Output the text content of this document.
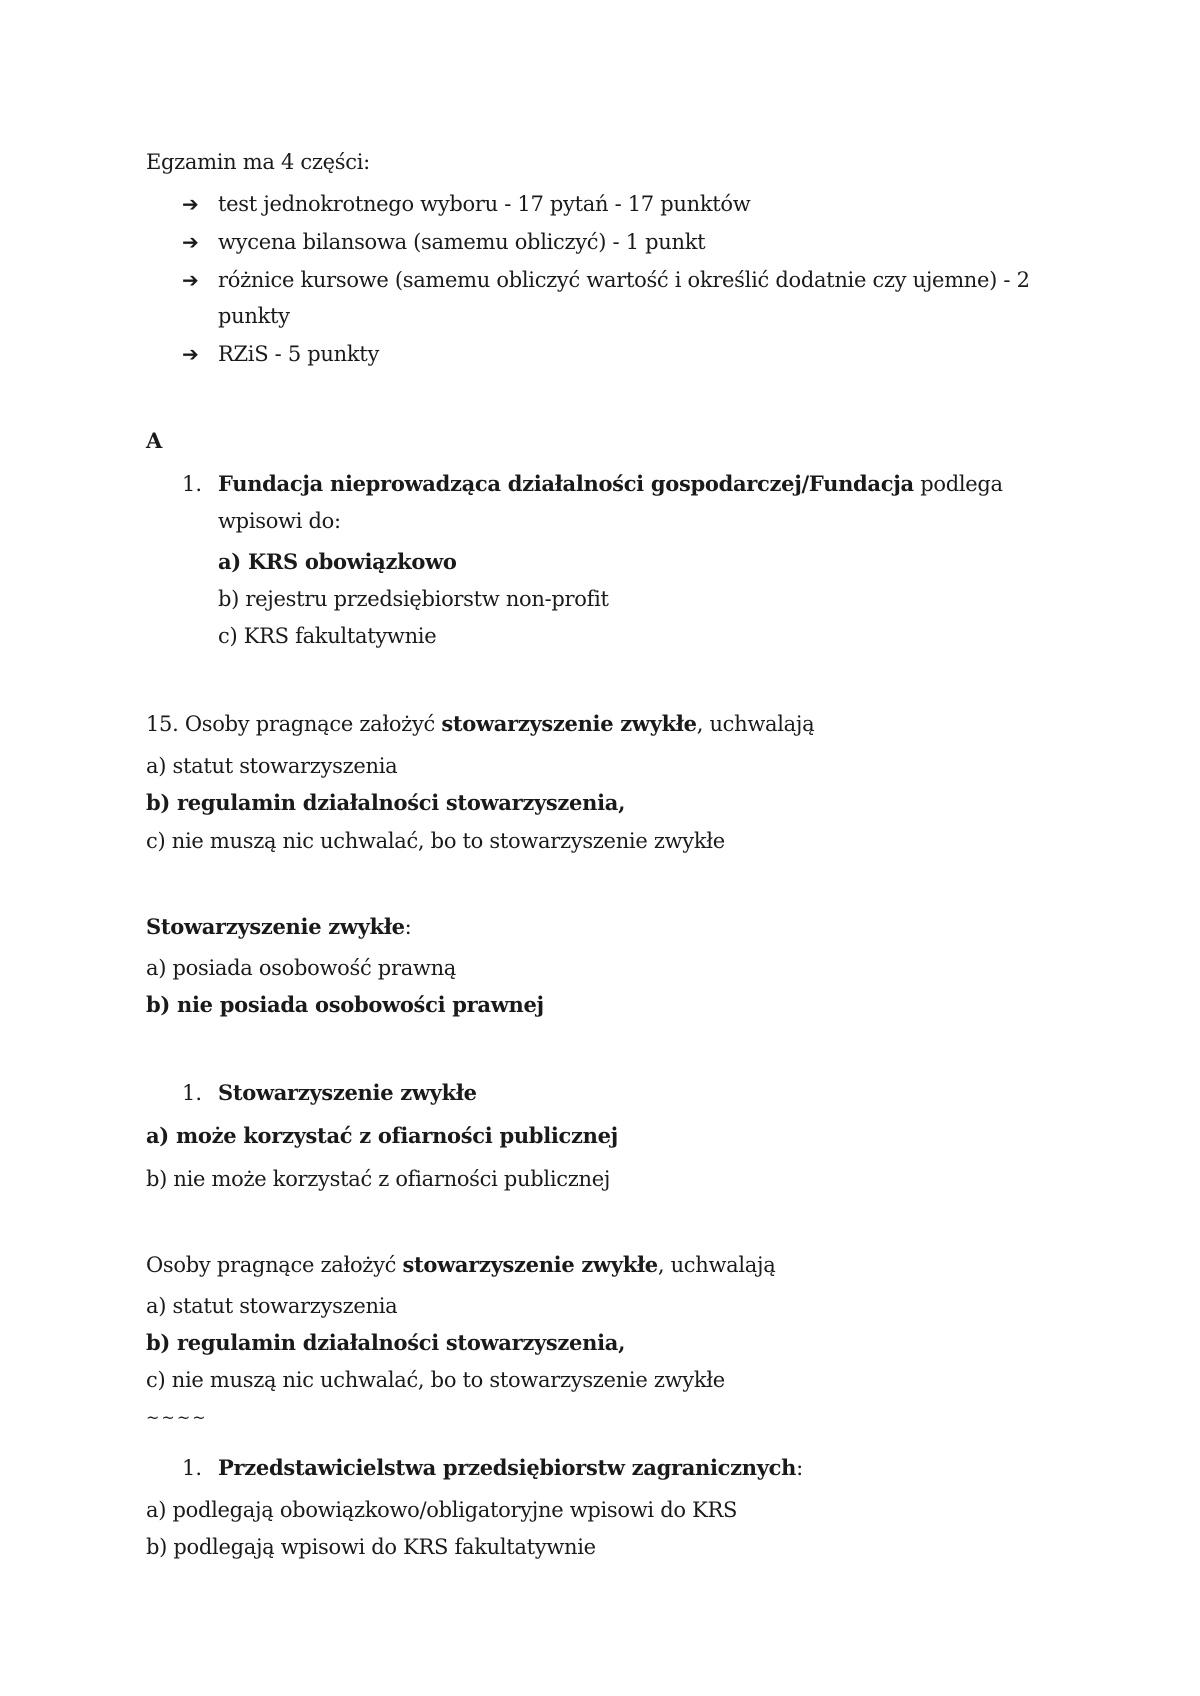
Egzamin ma 4 części:
➔ test jednokrotnego wyboru - 17 pytań - 17 punktów
➔ wycena bilansowa (samemu obliczyć) - 1 punkt
➔ różnice kursowe (samemu obliczyć wartość i określić dodatnie czy ujemne) - 2
punkty
➔ RZiS - 5 punkty
A
1. Fundacja nieprowadząca działalności gospodarczej/Fundacja podlega
wpisowi do:
a) KRS obowiązkowo
b) rejestru przedsiębiorstw non-profit
c) KRS fakultatywnie
15. Osoby pragnące założyć stowarzyszenie zwykłe, uchwalają
a) statut stowarzyszenia
b) regulamin działalności stowarzyszenia,
c) nie muszą nic uchwalać, bo to stowarzyszenie zwykłe
Stowarzyszenie zwykłe:
a) posiada osobowość prawną
b) nie posiada osobowości prawnej
1. Stowarzyszenie zwykłe
a) może korzystać z ofiarności publicznej
b) nie może korzystać z ofiarności publicznej
Osoby pragnące założyć stowarzyszenie zwykłe, uchwalają
a) statut stowarzyszenia
b) regulamin działalności stowarzyszenia,
c) nie muszą nic uchwalać, bo to stowarzyszenie zwykłe
~~~~
1. Przedstawicielstwa przedsiębiorstw zagranicznych:
a) podlegają obowiązkowo/obligatoryjne wpisowi do KRS
b) podlegają wpisowi do KRS fakultatywnie
